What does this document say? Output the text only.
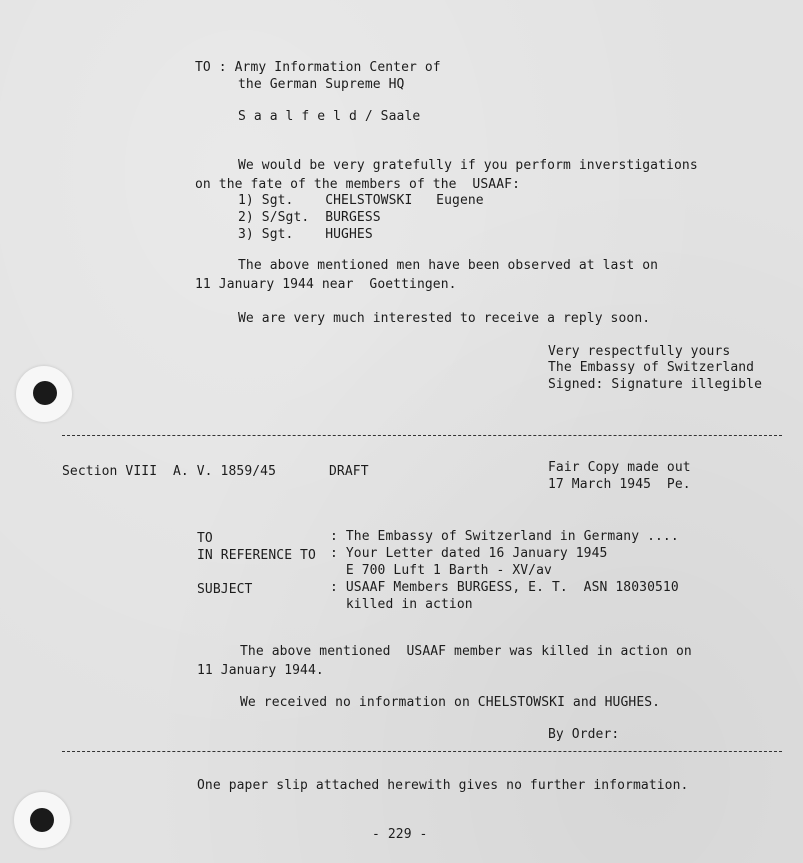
TO : Army Information Center of
the German Supreme HQ
S a a l f e l d / Saale
We would be very gratefully if you perform inverstigations
on the fate of the members of the  USAAF:
1) Sgt.    CHELSTOWSKI   Eugene
2) S/Sgt.  BURGESS
3) Sgt.    HUGHES
The above mentioned men have been observed at last on
11 January 1944 near  Goettingen.
We are very much interested to receive a reply soon.
Very respectfully yours
The Embassy of Switzerland
Signed: Signature illegible
Section VIII  A. V. 1859/45	DRAFT	Fair Copy made out
17 March 1945  Pe.
TO	: The Embassy of Switzerland in Germany ....
IN REFERENCE TO : Your Letter dated 16 January 1945
E 700 Luft 1 Barth - XV/av
SUBJECT	: USAAF Members BURGESS, E. T.  ASN 18030510
killed in action
The above mentioned  USAAF member was killed in action on
11 January 1944.
We received no information on CHELSTOWSKI and HUGHES.
By Order:
One paper slip attached herewith gives no further information.
- 229 -
